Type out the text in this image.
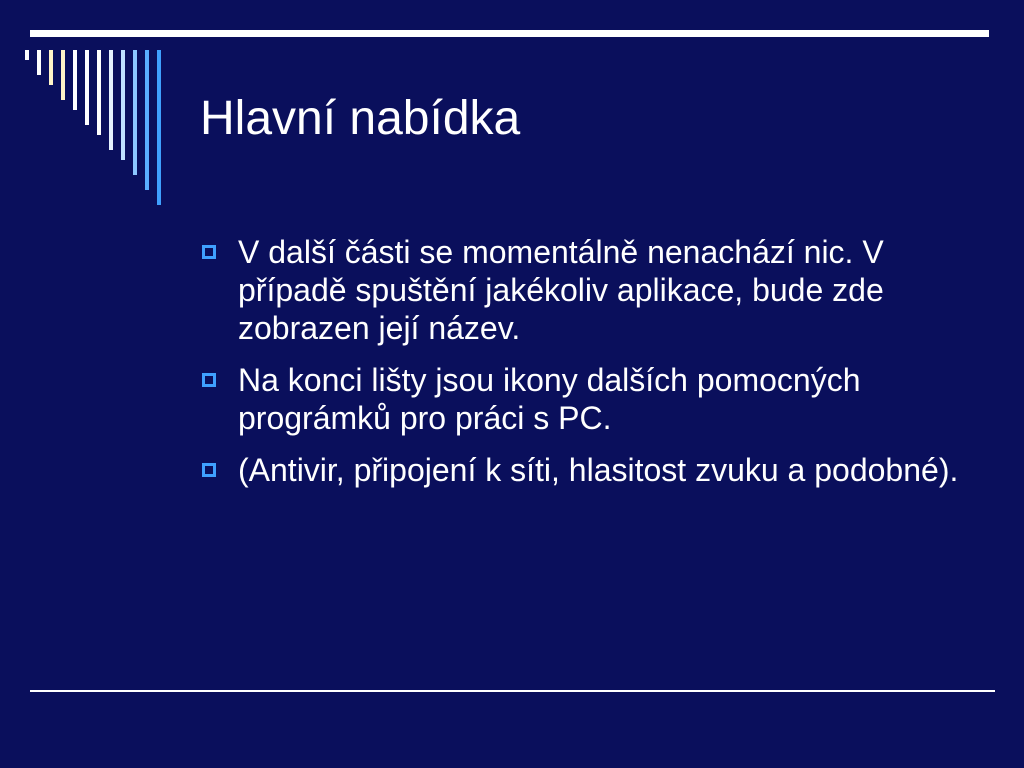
Hlavní nabídka
V další části se momentálně nenachází nic. V případě spuštění jakékoliv aplikace, bude zde zobrazen její název.
Na konci lišty jsou ikony dalších pomocných prográmků pro práci s PC.
(Antivir, připojení k síti, hlasitost zvuku a podobné).
